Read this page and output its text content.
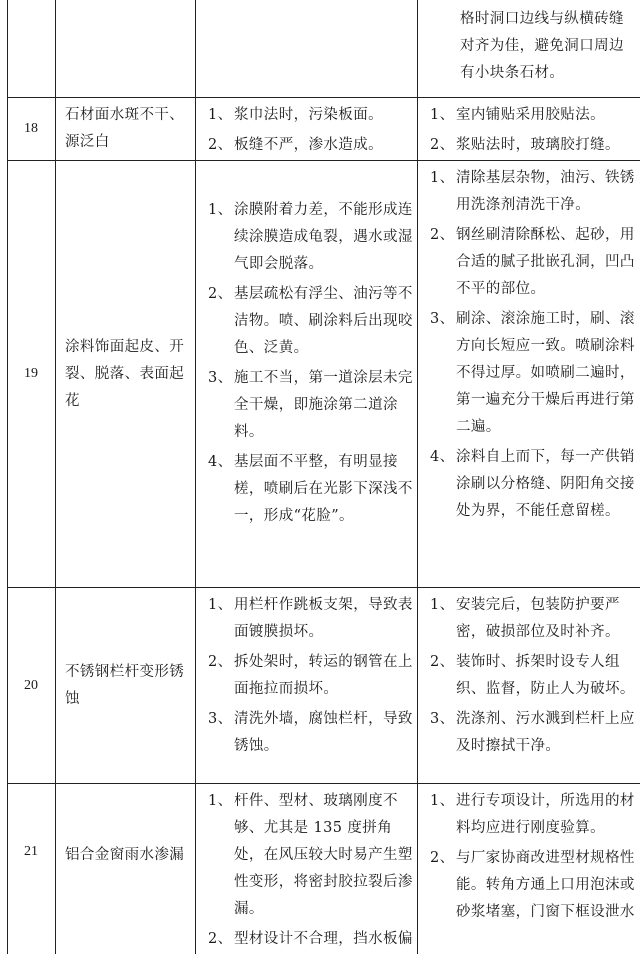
格时洞口边线与纵横砖缝对齐为佳，避免洞口周边有小块条石材。
18
石材面水斑不干、源泛白
1、 浆巾法时，污染板面。
2、 板缝不严，渗水造成。
1、 室内铺贴采用胶贴法。
2、 浆贴法时，玻璃胶打缝。
19
涂料饰面起皮、开裂、脱落、表面起花
1、 涂膜附着力差，不能形成连续涂膜造成龟裂，遇水或湿气即会脱落。
2、 基层疏松有浮尘、油污等不洁物。喷、刷涂料后出现咬色、泛黄。
3、 施工不当，第一道涂层未完全干燥，即施涂第二道涂料。
4、 基层面不平整，有明显接槎，喷刷后在光影下深浅不一，形成“花脸”。
1、 清除基层杂物，油污、铁锈用洗涤剂清洗干净。
2、 钢丝刷清除酥松、起砂，用合适的腻子批嵌孔洞，凹凸不平的部位。
3、 刷涂、滚涂施工时，刷、滚方向长短应一致。喷刷涂料不得过厚。如喷刷二遍时，第一遍充分干燥后再进行第二遍。
4、 涂料自上而下，每一产供销涂刷以分格缝、阴阳角交接处为界，不能任意留槎。
20
不锈钢栏杆变形锈蚀
1、 用栏杆作跳板支架，导致表面镀膜损坏。
2、 拆处架时，转运的钢管在上面拖拉而损坏。
3、 清洗外墙，腐蚀栏杆，导致锈蚀。
1、 安装完后，包装防护要严密，破损部位及时补齐。
2、 装饰时、拆架时设专人组织、监督，防止人为破坏。
3、 洗涤剂、污水溅到栏杆上应及时擦拭干净。
21 铝合金窗雨水渗漏
1、 杆件、型材、玻璃刚度不够、尤其是 135 度拼角处，在风压较大时易产生塑性变形，将密封胶拉裂后渗漏。
2、 型材设计不合理，挡水板偏
1、 进行专项设计，所选用的材料均应进行刚度验算。
2、 与厂家协商改进型材规格性能。转角方通上口用泡沫或砂浆堵塞，门窗下框设泄水
